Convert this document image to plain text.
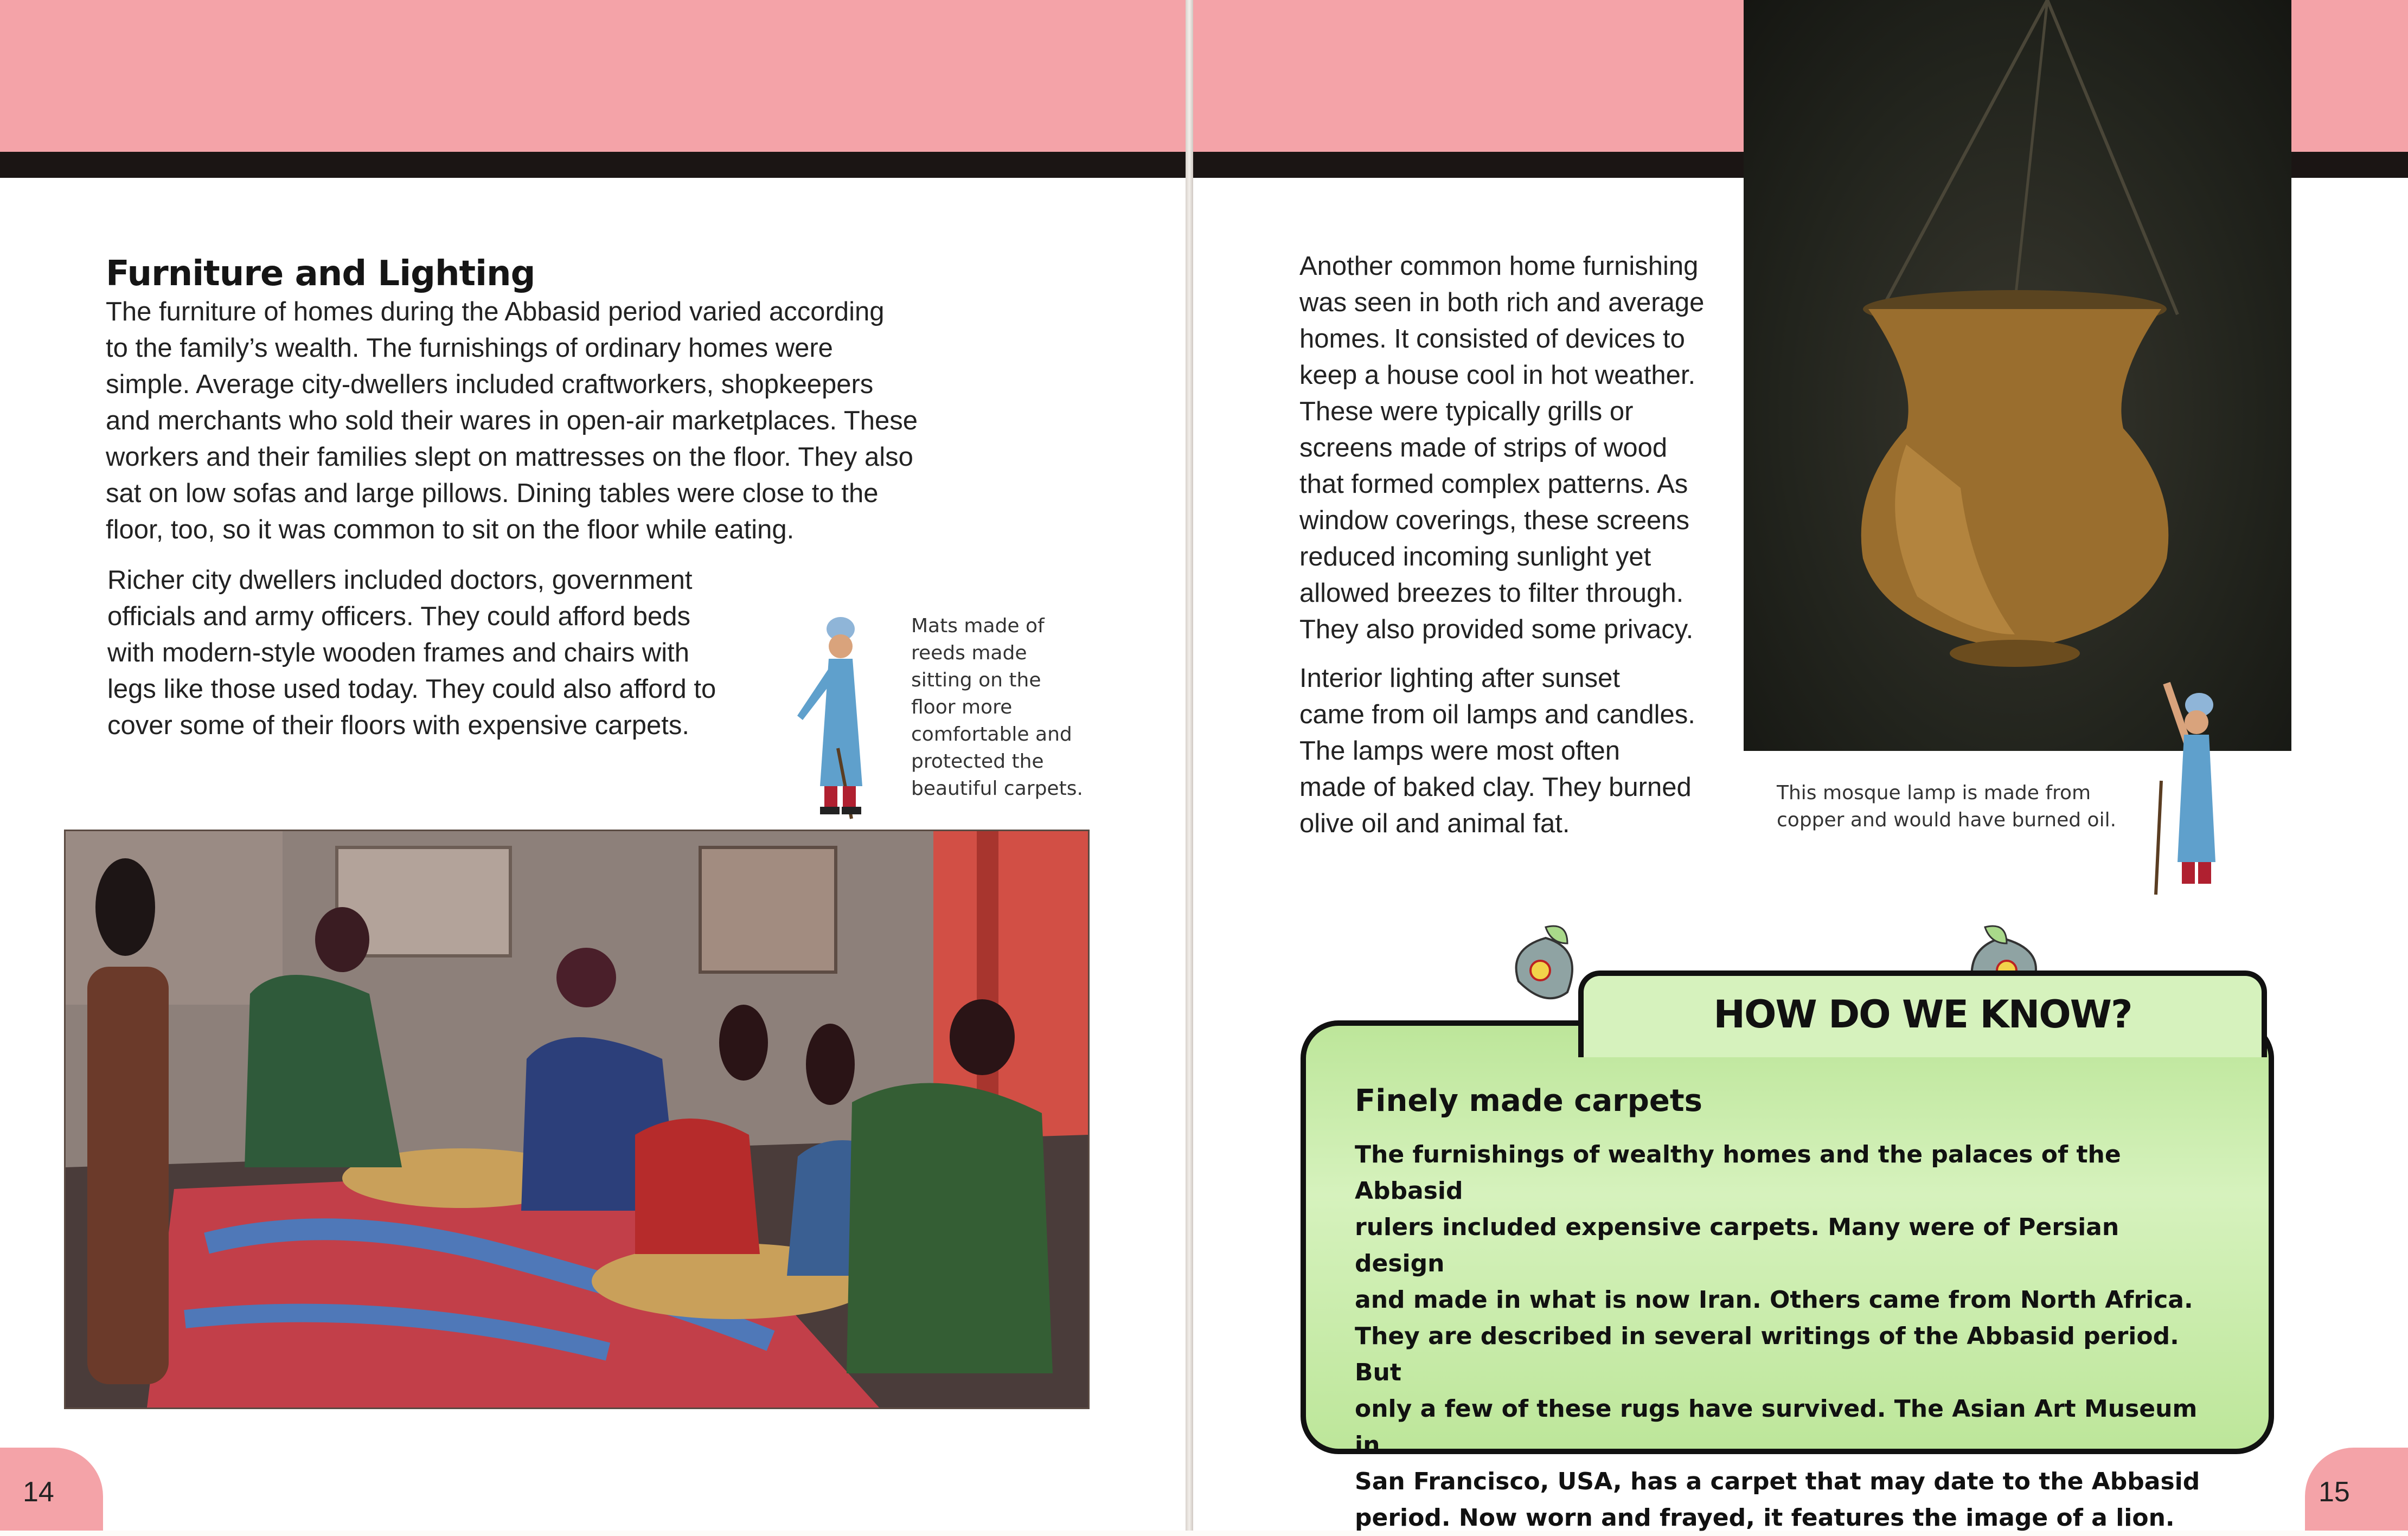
Furniture and Lighting
The furniture of homes during the Abbasid period varied according
to the family’s wealth. The furnishings of ordinary homes were
simple. Average city-dwellers included craftworkers, shopkeepers
and merchants who sold their wares in open-air marketplaces. These
workers and their families slept on mattresses on the floor. They also
sat on low sofas and large pillows. Dining tables were close to the
floor, too, so it was common to sit on the floor while eating.
Richer city dwellers included doctors, government
officials and army officers. They could afford beds
with modern-style wooden frames and chairs with
legs like those used today. They could also afford to
cover some of their floors with expensive carpets.
Mats made of
reeds made
sitting on the
floor more
comfortable and
protected the
beautiful carpets.
14
Another common home furnishing
was seen in both rich and average
homes. It consisted of devices to
keep a house cool in hot weather.
These were typically grills or
screens made of strips of wood
that formed complex patterns. As
window coverings, these screens
reduced incoming sunlight yet
allowed breezes to filter through.
They also provided some privacy.
Interior lighting after sunset
came from oil lamps and candles.
The lamps were most often
made of baked clay. They burned
olive oil and animal fat.
This mosque lamp is made from
copper and would have burned oil.
HOW DO WE KNOW?
Finely made carpets
The furnishings of wealthy homes and the palaces of the Abbasid
rulers included expensive carpets. Many were of Persian design
and made in what is now Iran. Others came from North Africa.
They are described in several writings of the Abbasid period. But
only a few of these rugs have survived. The Asian Art Museum in
San Francisco, USA, has a carpet that may date to the Abbasid
period. Now worn and frayed, it features the image of a lion.
15
